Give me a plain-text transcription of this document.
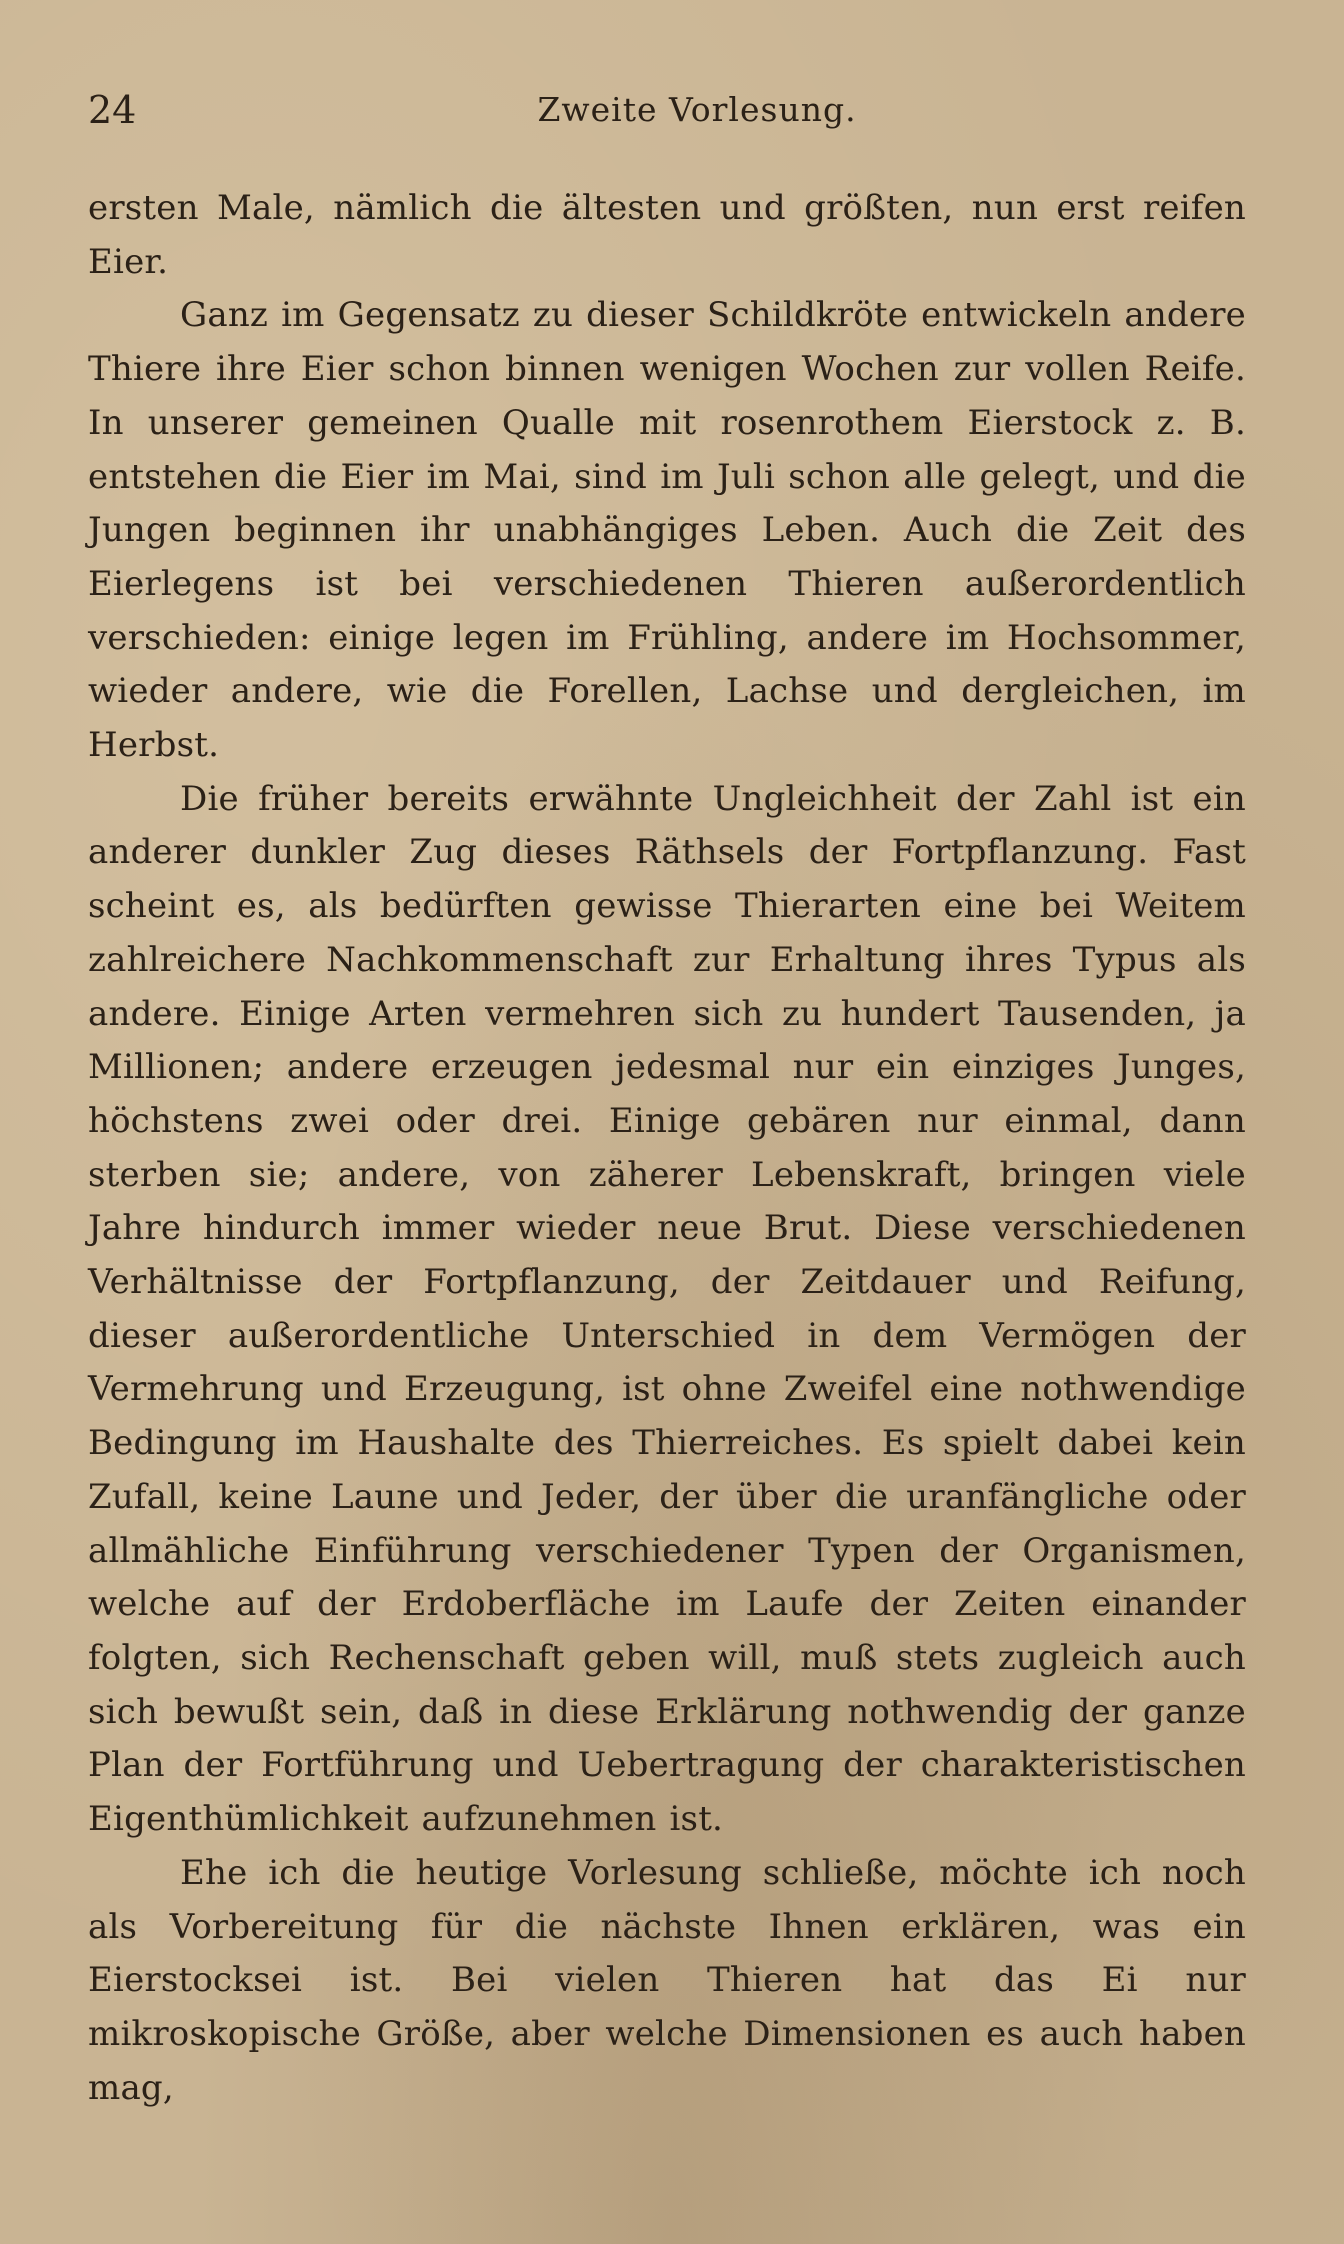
24	Zweite Vorlesung.

ersten Male, nämlich die ältesten und größten, nun erst reifen Eier.

Ganz im Gegensatz zu dieser Schildkröte entwickeln andere Thiere ihre Eier schon binnen wenigen Wochen zur vollen Reife. In unserer gemeinen Qualle mit rosenrothem Eierstock z. B. entstehen die Eier im Mai, sind im Juli schon alle gelegt, und die Jungen beginnen ihr unabhängiges Leben. Auch die Zeit des Eierlegens ist bei verschiedenen Thieren außerordentlich verschieden: einige legen im Frühling, andere im Hochsommer, wieder andere, wie die Forellen, Lachse und dergleichen, im Herbst.

Die früher bereits erwähnte Ungleichheit der Zahl ist ein anderer dunkler Zug dieses Räthsels der Fortpflanzung. Fast scheint es, als bedürften gewisse Thierarten eine bei Weitem zahlreichere Nachkommenschaft zur Erhaltung ihres Typus als andere. Einige Arten vermehren sich zu hundert Tausenden, ja Millionen; andere erzeugen jedesmal nur ein einziges Junges, höchstens zwei oder drei. Einige gebären nur einmal, dann sterben sie; andere, von zäherer Lebenskraft, bringen viele Jahre hindurch immer wieder neue Brut. Diese verschiedenen Verhältnisse der Fortpflanzung, der Zeitdauer und Reifung, dieser außerordentliche Unterschied in dem Vermögen der Vermehrung und Erzeugung, ist ohne Zweifel eine nothwendige Bedingung im Haushalte des Thierreiches. Es spielt dabei kein Zufall, keine Laune und Jeder, der über die uranfängliche oder allmähliche Einführung verschiedener Typen der Organismen, welche auf der Erdoberfläche im Laufe der Zeiten einander folgten, sich Rechenschaft geben will, muß stets zugleich auch sich bewußt sein, daß in diese Erklärung nothwendig der ganze Plan der Fortführung und Uebertragung der charakteristischen Eigenthümlichkeit aufzunehmen ist.

Ehe ich die heutige Vorlesung schließe, möchte ich noch als Vorbereitung für die nächste Ihnen erklären, was ein Eierstocksei ist. Bei vielen Thieren hat das Ei nur mikroskopische Größe, aber welche Dimensionen es auch haben mag,
